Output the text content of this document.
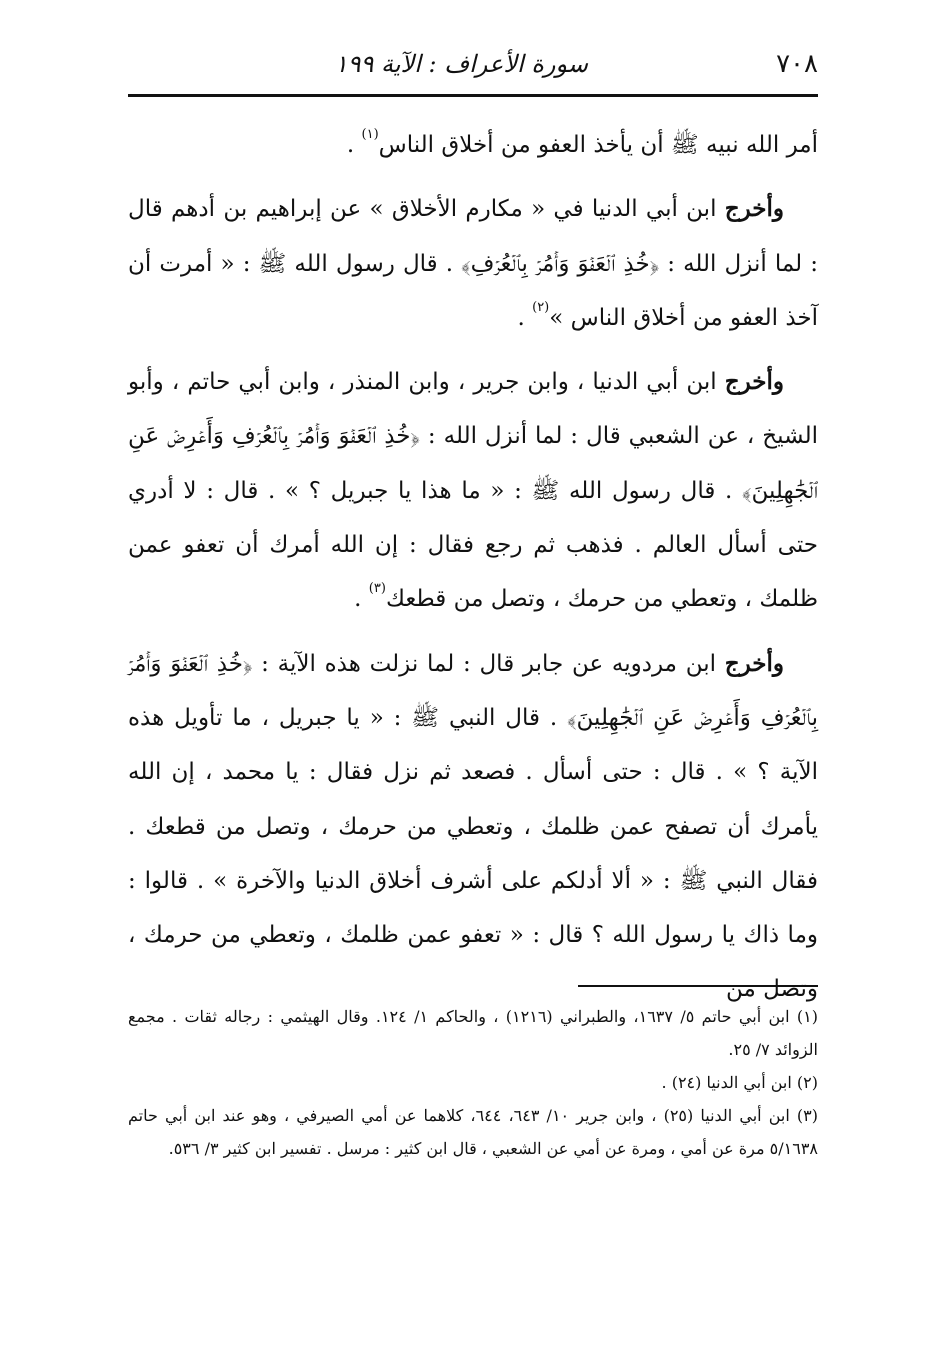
٧٠٨
سورة الأعراف : الآية ١٩٩

أمر الله نبيه ﷺ أن يأخذ العفو من أخلاق الناس$^{(١)}$ .

وأخرج ابن أبي الدنيا في « مكارم الأخلاق » عن إبراهيم بن أدهم قال : لما أنزل الله : ﴿خُذِ ٱلۡعَفۡوَ وَأۡمُرۡ بِٱلۡعُرۡفِ﴾ . قال رسول الله ﷺ : « أمرت أن آخذ العفو من أخلاق الناس »$^{(٢)}$ .

وأخرج ابن أبي الدنيا ، وابن جرير ، وابن المنذر ، وابن أبي حاتم ، وأبو الشيخ ، عن الشعبي قال : لما أنزل الله : ﴿خُذِ ٱلۡعَفۡوَ وَأۡمُرۡ بِٱلۡعُرۡفِ وَأَعۡرِضۡ عَنِ ٱلۡجَٰهِلِينَ﴾ . قال رسول الله ﷺ : « ما هذا يا جبريل ؟ » . قال : لا أدري حتى أسأل العالم . فذهب ثم رجع فقال : إن الله أمرك أن تعفو عمن ظلمك ، وتعطي من حرمك ، وتصل من قطعك$^{(٣)}$ .

وأخرج ابن مردويه عن جابر قال : لما نزلت هذه الآية : ﴿خُذِ ٱلۡعَفۡوَ وَأۡمُرۡ بِٱلۡعُرۡفِ وَأَعۡرِضۡ عَنِ ٱلۡجَٰهِلِينَ﴾ . قال النبي ﷺ : « يا جبريل ، ما تأويل هذه الآية ؟ » . قال : حتى أسأل . فصعد ثم نزل فقال : يا محمد ، إن الله يأمرك أن تصفح عمن ظلمك ، وتعطي من حرمك ، وتصل من قطعك . فقال النبي ﷺ : « ألا أدلكم على أشرف أخلاق الدنيا والآخرة » . قالوا : وما ذاك يا رسول الله ؟ قال : « تعفو عمن ظلمك ، وتعطي من حرمك ، وتصل من

(١) ابن أبي حاتم ٥/ ١٦٣٧، والطبراني (١٢١٦) ، والحاكم ١/ ١٢٤. وقال الهيثمي : رجاله ثقات . مجمع الزوائد ٧/ ٢٥.

(٢) ابن أبي الدنيا (٢٤) .

(٣) ابن أبي الدنيا (٢٥) ، وابن جرير ١٠/ ٦٤٣، ٦٤٤، كلاهما عن أمي الصيرفي ، وهو عند ابن أبي حاتم ٥/١٦٣٨ مرة عن أمي ، ومرة عن أمي عن الشعبي ، قال ابن كثير : مرسل . تفسير ابن كثير ٣/ ٥٣٦.
